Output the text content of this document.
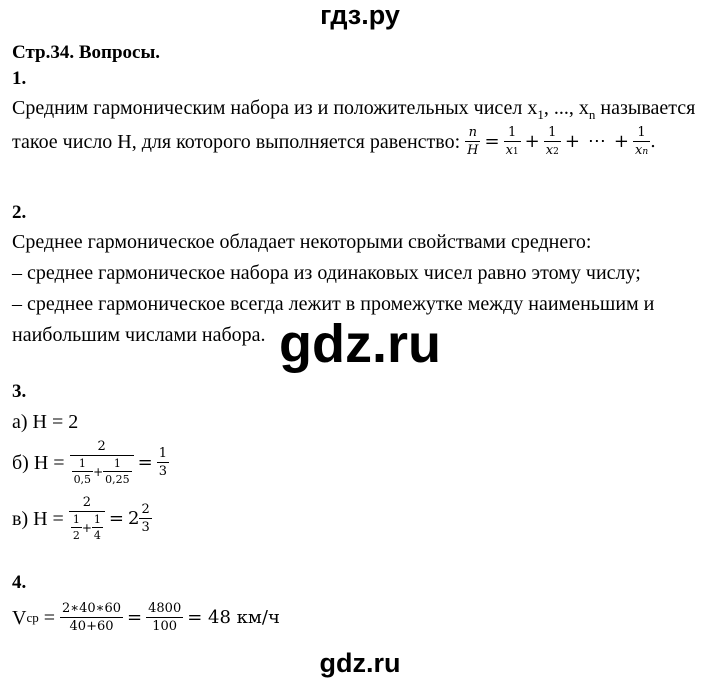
гдз.ру
Стр.34. Вопросы.
1.
Средним гармоническим набора из и положительных чисел $x_1$, ..., $x_n$ называется
такое число H, для которого выполняется равенство: $\frac{n}{H} = \frac{1}{x1} + \frac{1}{x2}$ + ⋯ + $\frac{1}{xn}$ .
2.
Среднее гармоническое обладает некоторыми свойствами среднего:
– среднее гармоническое набора из одинаковых чисел равно этому числу;
– среднее гармоническое всегда лежит в промежутке между наименьшим и
наибольшим числами набора. gdz.ru
3.
а) H = 2
б) $H = \frac{2}{\frac{1}{0,5} + \frac{1}{0,25}} = \frac{1}{3}$
в) $H = \frac{2}{\frac{1}{2} + \frac{1}{4}} = 2 \frac{2}{3}$
4.
V ср = $\frac{2∗40∗60}{40+60} = \frac{4800}{100} = 48$ км/ч
gdz.ru
